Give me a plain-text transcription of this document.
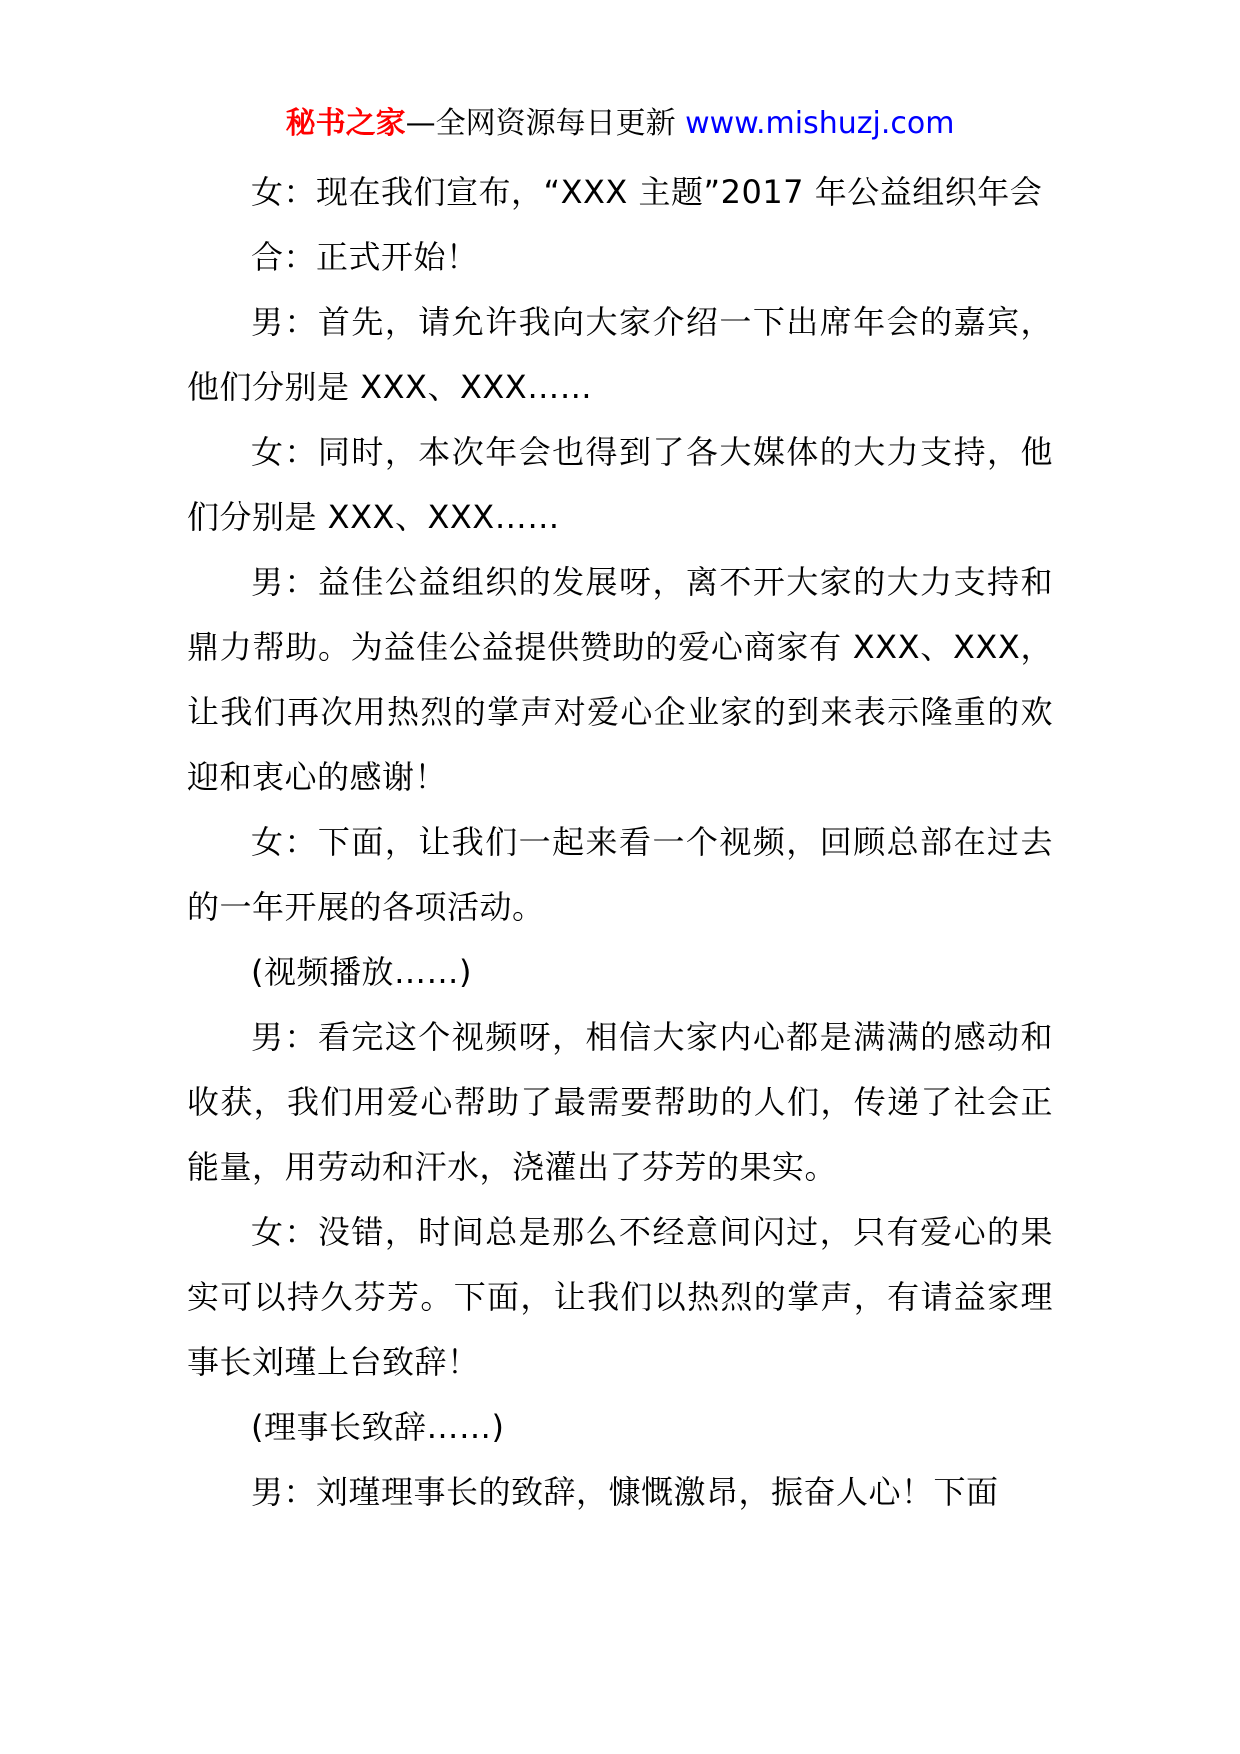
秘书之家—全网资源每日更新 www.mishuzj.com

女：现在我们宣布，“XXX 主题”2017 年公益组织年会

合：正式开始！

男：首先，请允许我向大家介绍一下出席年会的嘉宾，他们分别是 XXX、XXX……

女：同时，本次年会也得到了各大媒体的大力支持，他们分别是 XXX、XXX……

男：益佳公益组织的发展呀，离不开大家的大力支持和鼎力帮助。为益佳公益提供赞助的爱心商家有 XXX、XXX，让我们再次用热烈的掌声对爱心企业家的到来表示隆重的欢迎和衷心的感谢！

女：下面，让我们一起来看一个视频，回顾总部在过去的一年开展的各项活动。

(视频播放……)

男：看完这个视频呀，相信大家内心都是满满的感动和收获，我们用爱心帮助了最需要帮助的人们，传递了社会正能量，用劳动和汗水，浇灌出了芬芳的果实。

女：没错，时间总是那么不经意间闪过，只有爱心的果实可以持久芬芳。下面，让我们以热烈的掌声，有请益家理事长刘瑾上台致辞！

(理事长致辞……)

男：刘瑾理事长的致辞，慷慨激昂，振奋人心！下面
